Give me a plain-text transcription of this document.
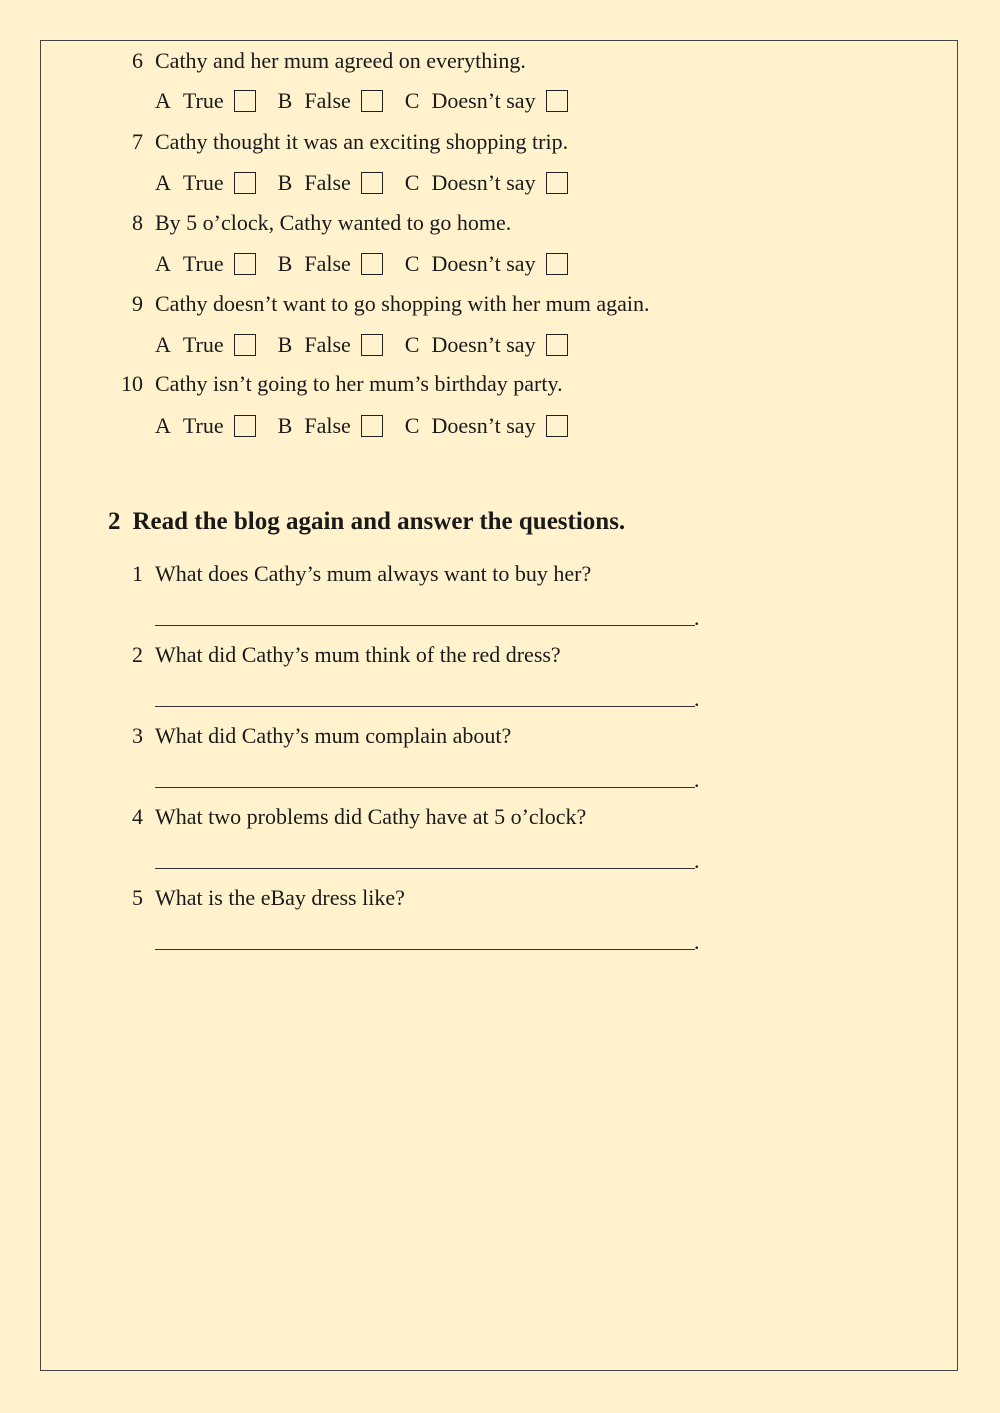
6 Cathy and her mum agreed on everything.
A True B False C Doesn’t say
7 Cathy thought it was an exciting shopping trip.
A True B False C Doesn’t say
8 By 5 o’clock, Cathy wanted to go home.
A True B False C Doesn’t say
9 Cathy doesn’t want to go shopping with her mum again.
A True B False C Doesn’t say
10 Cathy isn’t going to her mum’s birthday party.
A True B False C Doesn’t say
2 Read the blog again and answer the questions.
1 What does Cathy’s mum always want to buy her?
.
2 What did Cathy’s mum think of the red dress?
.
3 What did Cathy’s mum complain about?
.
4 What two problems did Cathy have at 5 o’clock?
.
5 What is the eBay dress like?
.
